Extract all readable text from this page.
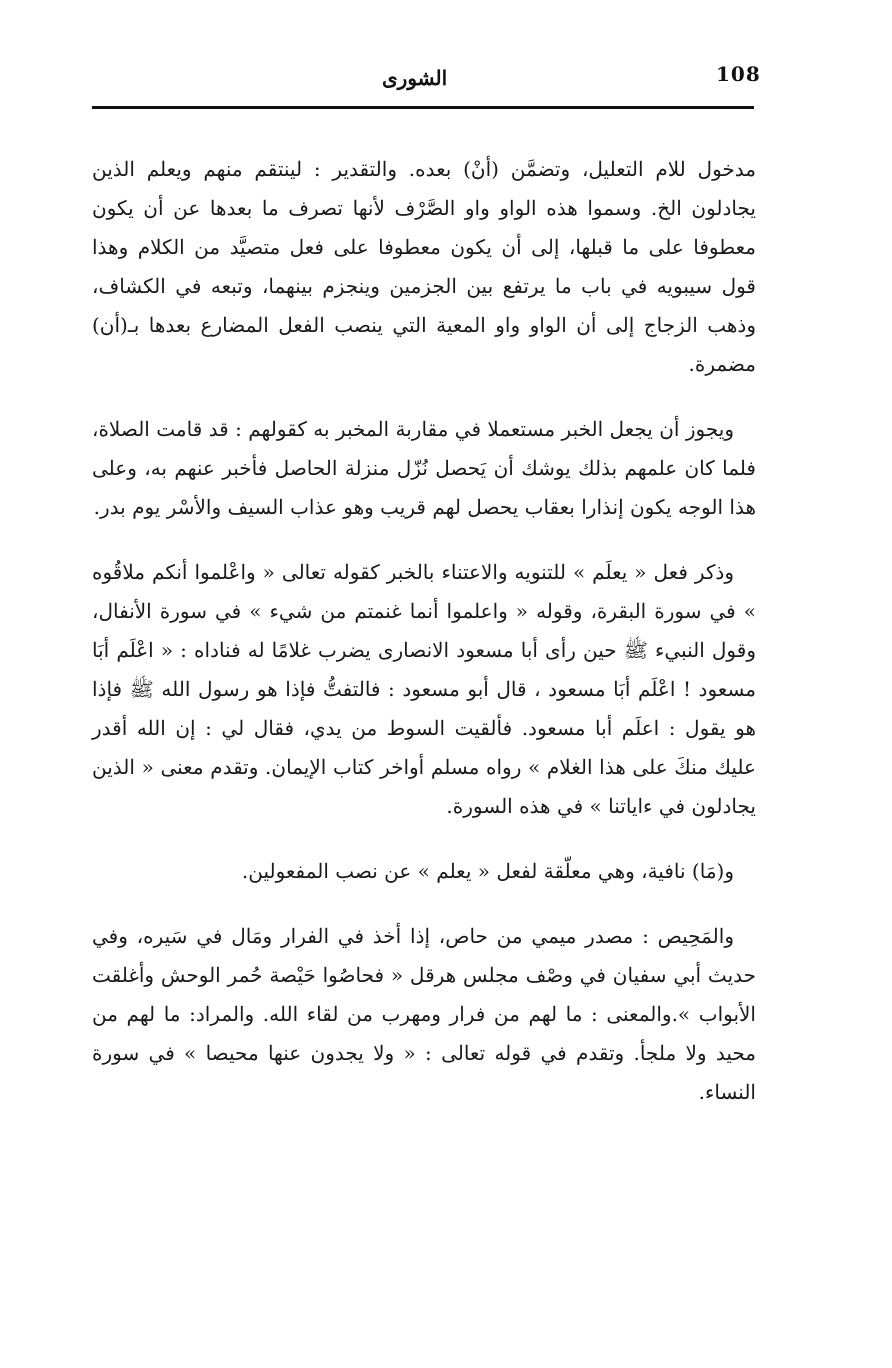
108
الشورى

مدخول للام التعليل، وتضمَّن (أنْ) بعده. والتقدير : لينتقم منهم ويعلم الذين يجادلون الخ. وسموا هذه الواو واو الصَّرْف لأنها تصرف ما بعدها عن أن يكون معطوفا على ما قبلها، إلى أن يكون معطوفا على فعل متصيَّد من الكلام وهذا قول سيبويه في باب ما يرتفع بين الجزمين وينجزم بينهما، وتبعه في الكشاف، وذهب الزجاج إلى أن الواو واو المعية التي ينصب الفعل المضارع بعدها بـ(أن) مضمرة.

ويجوز أن يجعل الخبر مستعملا في مقاربة المخبر به كقولهم : قد قامت الصلاة، فلما كان علمهم بذلك يوشك أن يَحصل نُزّل منزلة الحاصل فأخبر عنهم به، وعلى هذا الوجه يكون إنذارا بعقاب يحصل لهم قريب وهو عذاب السيف والأسْر يوم بدر.

وذكر فعل « يعلَم » للتنويه والاعتناء بالخبر كقوله تعالى « واعْلموا أنكم ملاقُوه » في سورة البقرة، وقوله « واعلموا أنما غنمتم من شيء » في سورة الأنفال، وقول النبيء ﷺ حين رأى أبا مسعود الانصارى يضرب غلامًا له فناداه : « اعْلَم أبَا مسعود ! اعْلَم أبَا مسعود ، قال أبو مسعود : فالتفتُّ فإذا هو رسول الله ﷺ فإذا هو يقول : اعلَم أبا مسعود. فألقيت السوط من يدي، فقال لي : إن الله أقدر عليك منكَ على هذا الغلام » رواه مسلم أواخر كتاب الإيمان. وتقدم معنى « الذين يجادلون في ءاياتنا » في هذه السورة.

و(مَا) نافية، وهي معلّقة لفعل « يعلم » عن نصب المفعولين.

والمَحِيص : مصدر ميمي من حاص، إذا أخذ في الفرار ومَال في سَيره، وفي حديث أبي سفيان في وصْف مجلس هرقل « فحاصُوا حَيْصة حُمر الوحش وأغلقت الأبواب ».والمعنى : ما لهم من فرار ومهرب من لقاء الله. والمراد: ما لهم من محيد ولا ملجأ. وتقدم في قوله تعالى : « ولا يجدون عنها محيصا » في سورة النساء.
